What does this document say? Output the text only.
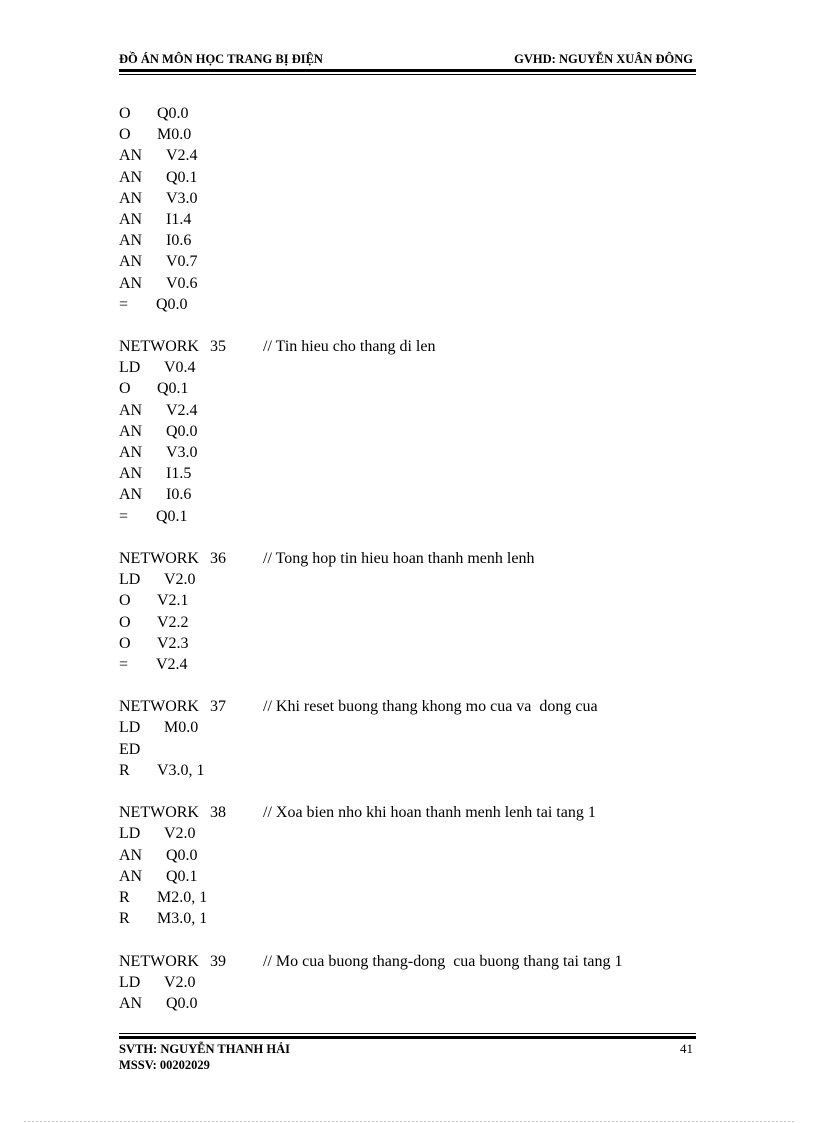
ĐỒ ÁN MÔN HỌC TRANG BỊ ĐIỆN	GVHD: NGUYỄN XUÂN ĐÔNG
O Q0.0
O M0.0
AN V2.4
AN Q0.1
AN V3.0
AN I1.4
AN I0.6
AN V0.7
AN V0.6
= Q0.0
NETWORK 35 // Tin hieu cho thang di len
LD V0.4
O Q0.1
AN V2.4
AN Q0.0
AN V3.0
AN I1.5
AN I0.6
= Q0.1
NETWORK 36 // Tong hop tin hieu hoan thanh menh lenh
LD V2.0
O V2.1
O V2.2
O V2.3
= V2.4
NETWORK 37 // Khi reset buong thang khong mo cua va  dong cua
LD M0.0
ED
R V3.0, 1
NETWORK 38 // Xoa bien nho khi hoan thanh menh lenh tai tang 1
LD V2.0
AN Q0.0
AN Q0.1
R M2.0, 1
R M3.0, 1
NETWORK 39 // Mo cua buong thang-dong  cua buong thang tai tang 1
LD V2.0
AN Q0.0
SVTH: NGUYỄN THANH HẢI
MSSV: 00202029
41
